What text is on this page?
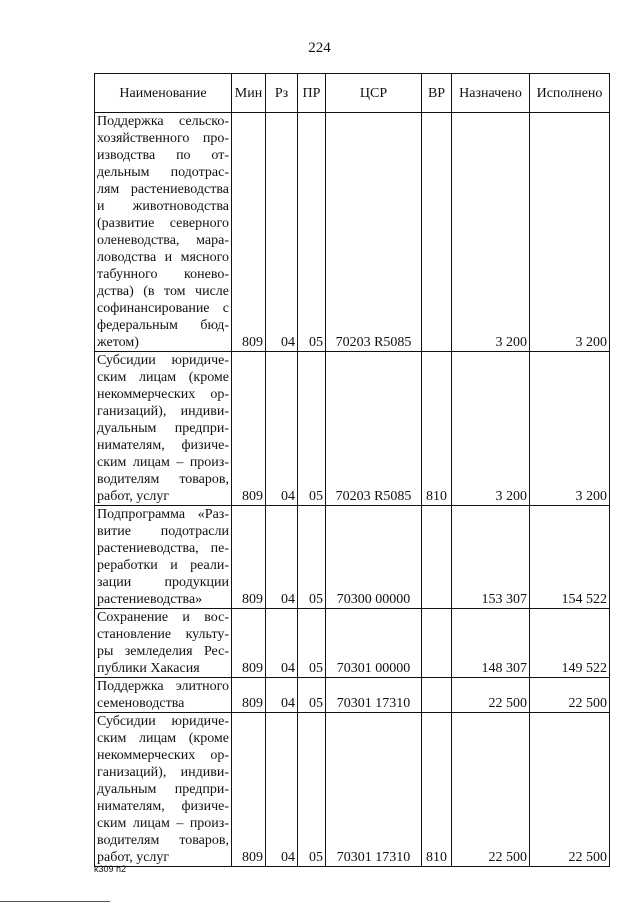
224
Наименование	Мин	Рз	ПР	ЦСР	ВР	Назначено	Исполнено
Поддержка сельско-хозяйственного про-изводства по от-дельным подотрас-лям растениеводства и животноводства (развитие северного оленеводства, мара-ловодства и мясного табунного конево-дства) (в том числе софинансирование с федеральным бюд-жетом)	809	04	05	70203 R5085		3 200	3 200
Субсидии юридиче-ским лицам (кроме некоммерческих ор-ганизаций), индиви-дуальным предпри-нимателям, физиче-ским лицам – произ-водителям товаров, работ, услуг	809	04	05	70203 R5085	810	3 200	3 200
Подпрограмма «Раз-витие подотрасли растениеводства, пе-реработки и реали-зации продукции растениеводства»	809	04	05	70300 00000		153 307	154 522
Сохранение и вос-становление культу-ры земледелия Рес-публики Хакасия	809	04	05	70301 00000		148 307	149 522
Поддержка элитного семеноводства	809	04	05	70301 17310		22 500	22 500
Субсидии юридиче-ским лицам (кроме некоммерческих ор-ганизаций), индиви-дуальным предпри-нимателям, физиче-ским лицам – произ-водителям товаров, работ, услуг	809	04	05	70301 17310	810	22 500	22 500
k309 h2
